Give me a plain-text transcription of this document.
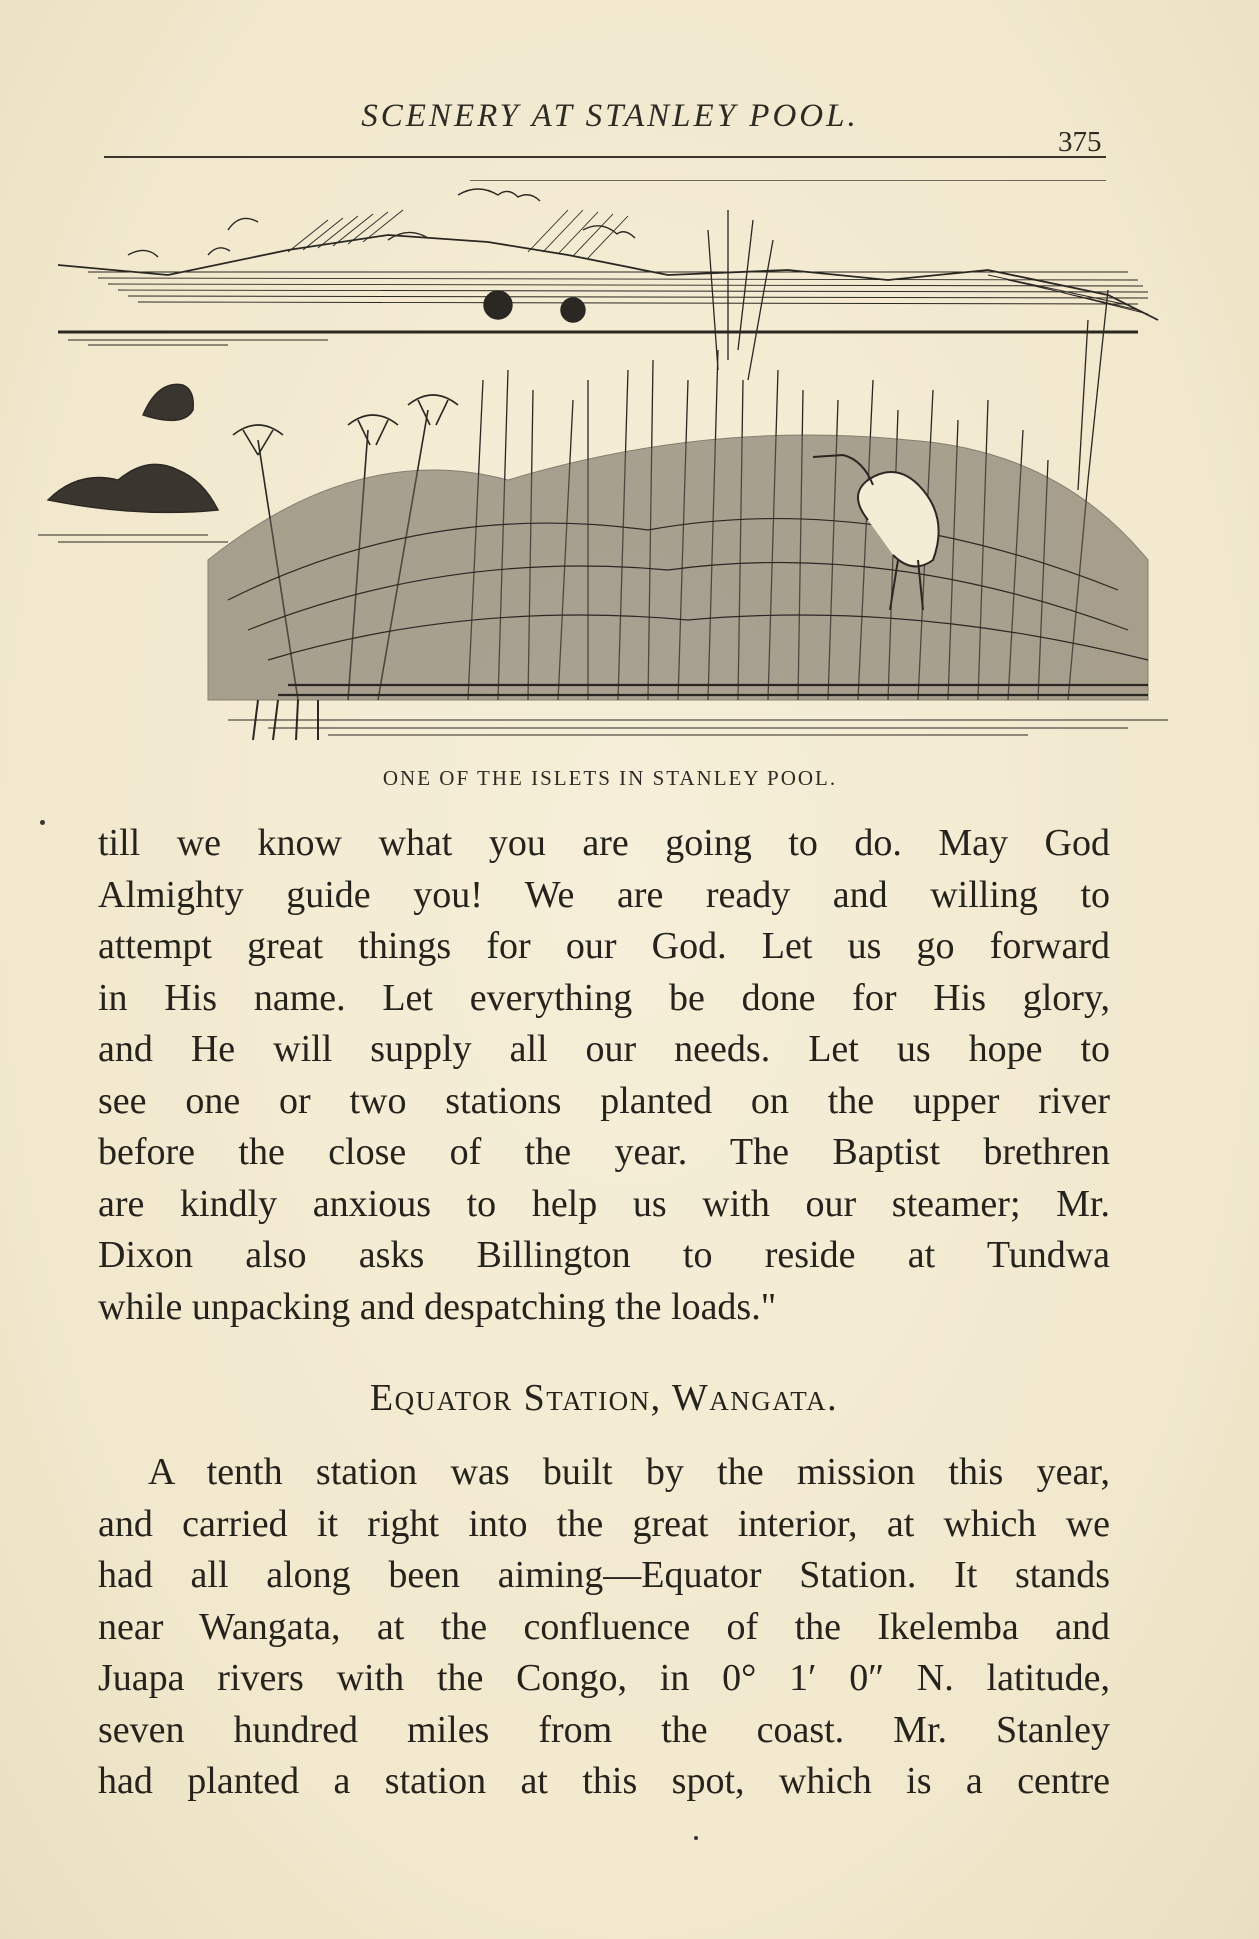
SCENERY AT STANLEY POOL.
375
ONE OF THE ISLETS IN STANLEY POOL.
till we know what you are going to do. May God
Almighty guide you! We are ready and willing to
attempt great things for our God. Let us go forward
in His name. Let everything be done for His glory,
and He will supply all our needs. Let us hope to
see one or two stations planted on the upper river
before the close of the year. The Baptist brethren
are kindly anxious to help us with our steamer; Mr.
Dixon also asks Billington to reside at Tundwa
while unpacking and despatching the loads."
Equator Station, Wangata.
A tenth station was built by the mission this year,
and carried it right into the great interior, at which we
had all along been aiming—Equator Station. It stands
near Wangata, at the confluence of the Ikelemba and
Juapa rivers with the Congo, in 0° 1′ 0″ N. latitude,
seven hundred miles from the coast. Mr. Stanley
had planted a station at this spot, which is a centre
